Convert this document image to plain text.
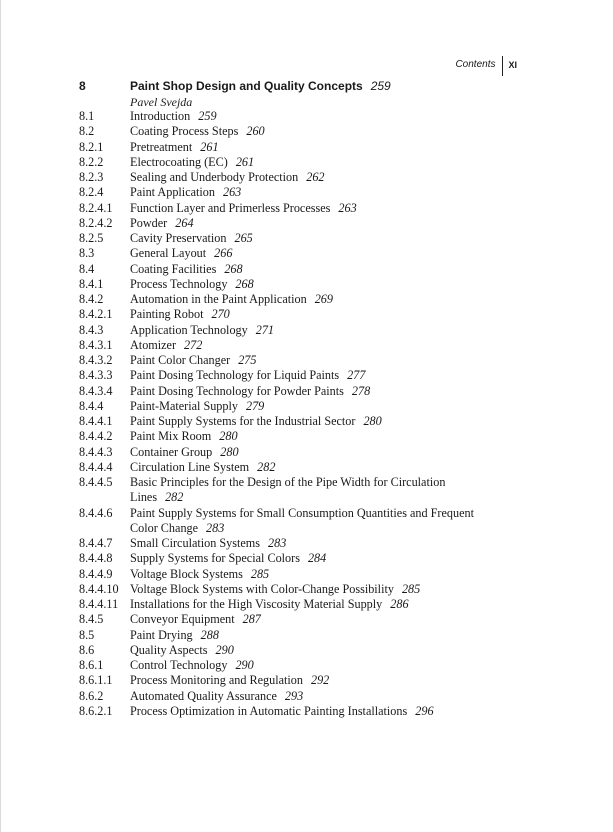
Contents XI
8	Paint Shop Design and Quality Concepts 259
Pavel Svejda
8.1	Introduction 259
8.2	Coating Process Steps 260
8.2.1	Pretreatment 261
8.2.2	Electrocoating (EC) 261
8.2.3	Sealing and Underbody Protection 262
8.2.4	Paint Application 263
8.2.4.1	Function Layer and Primerless Processes 263
8.2.4.2	Powder 264
8.2.5	Cavity Preservation 265
8.3	General Layout 266
8.4	Coating Facilities 268
8.4.1	Process Technology 268
8.4.2	Automation in the Paint Application 269
8.4.2.1	Painting Robot 270
8.4.3	Application Technology 271
8.4.3.1	Atomizer 272
8.4.3.2	Paint Color Changer 275
8.4.3.3	Paint Dosing Technology for Liquid Paints 277
8.4.3.4	Paint Dosing Technology for Powder Paints 278
8.4.4	Paint-Material Supply 279
8.4.4.1	Paint Supply Systems for the Industrial Sector 280
8.4.4.2	Paint Mix Room 280
8.4.4.3	Container Group 280
8.4.4.4	Circulation Line System 282
8.4.4.5	Basic Principles for the Design of the Pipe Width for Circulation
Lines 282
8.4.4.6	Paint Supply Systems for Small Consumption Quantities and Frequent
Color Change 283
8.4.4.7	Small Circulation Systems 283
8.4.4.8	Supply Systems for Special Colors 284
8.4.4.9	Voltage Block Systems 285
8.4.4.10 Voltage Block Systems with Color-Change Possibility 285
8.4.4.11 Installations for the High Viscosity Material Supply 286
8.4.5	Conveyor Equipment 287
8.5	Paint Drying 288
8.6	Quality Aspects 290
8.6.1	Control Technology 290
8.6.1.1	Process Monitoring and Regulation 292
8.6.2	Automated Quality Assurance 293
8.6.2.1	Process Optimization in Automatic Painting Installations 296
